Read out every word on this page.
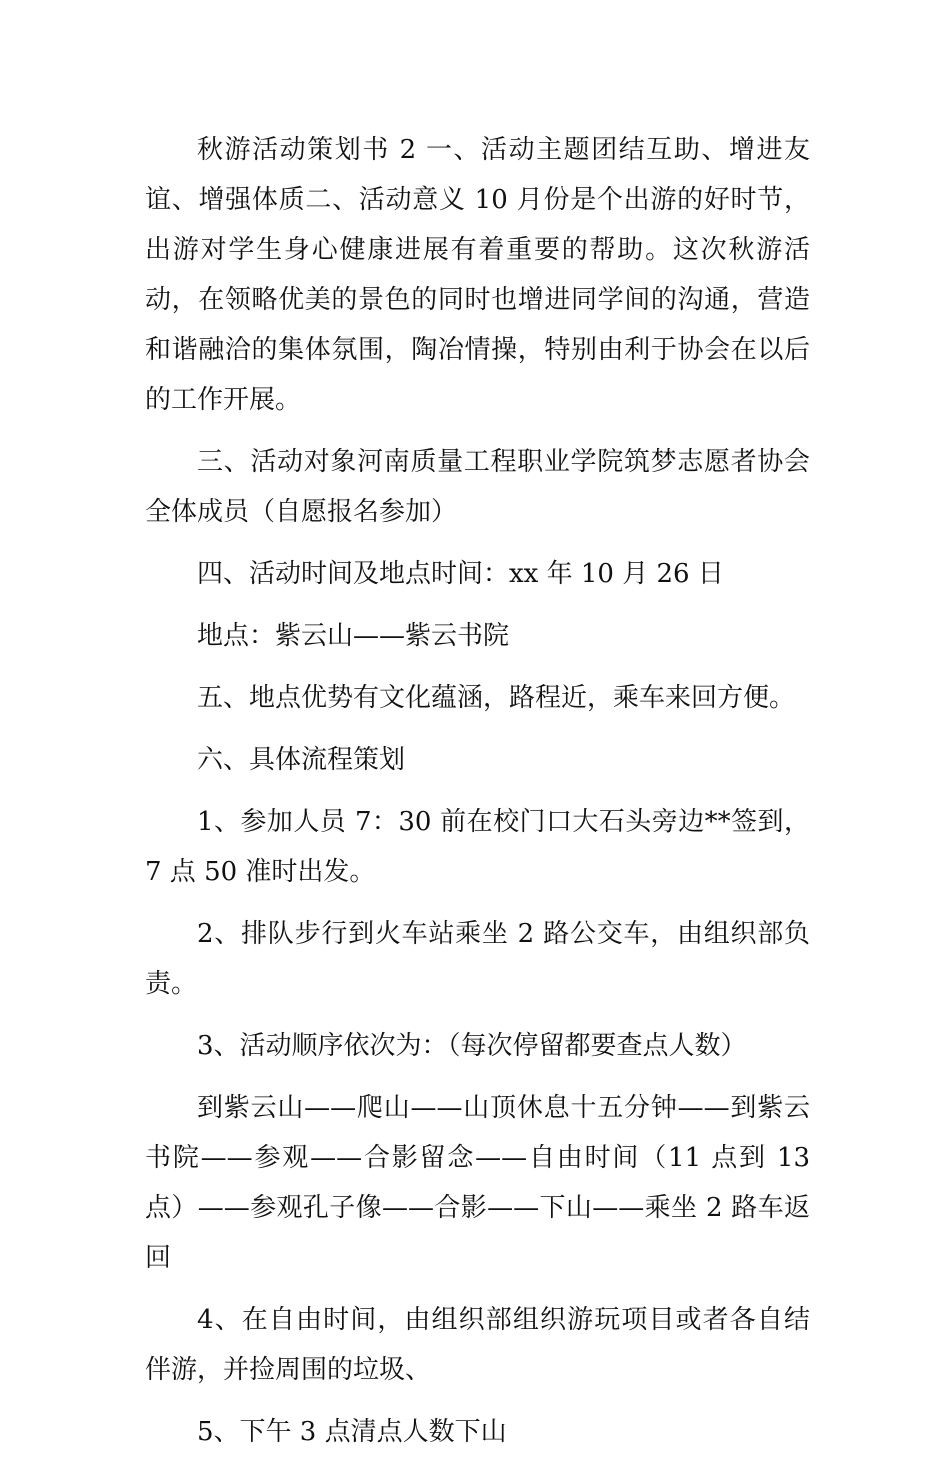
秋游活动策划书 2 一、活动主题团结互助、增进友谊、增强体质二、活动意义 10 月份是个出游的好时节，出游对学生身心健康进展有着重要的帮助。这次秋游活动，在领略优美的景色的同时也增进同学间的沟通，营造和谐融洽的集体氛围，陶冶情操，特别由利于协会在以后的工作开展。

三、活动对象河南质量工程职业学院筑梦志愿者协会全体成员（自愿报名参加）

四、活动时间及地点时间：xx 年 10 月 26 日

地点：紫云山——紫云书院

五、地点优势有文化蕴涵，路程近，乘车来回方便。

六、具体流程策划

1、参加人员 7：30 前在校门口大石头旁边**签到，7 点 50 准时出发。

2、排队步行到火车站乘坐 2 路公交车，由组织部负责。

3、活动顺序依次为：（每次停留都要查点人数）

到紫云山——爬山——山顶休息十五分钟——到紫云书院——参观——合影留念——自由时间（11 点到 13 点）——参观孔子像——合影——下山——乘坐 2 路车返回

4、在自由时间，由组织部组织游玩项目或者各自结伴游，并捡周围的垃圾、

5、下午 3 点清点人数下山
